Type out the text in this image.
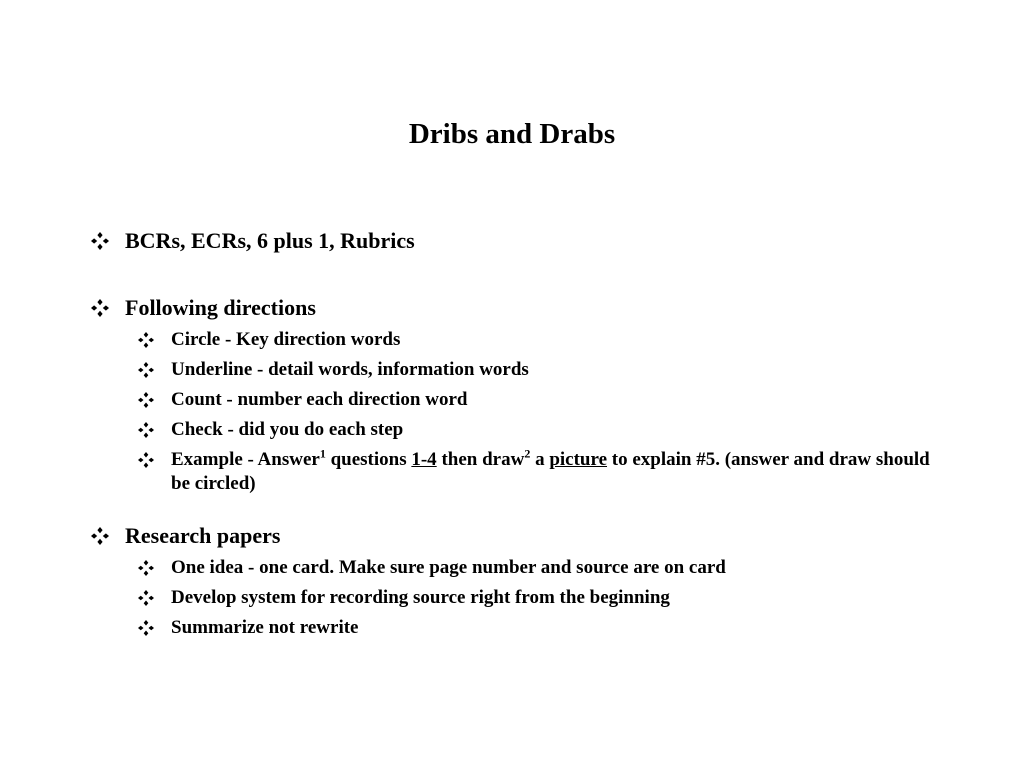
Dribs and Drabs
BCRs, ECRs, 6 plus 1, Rubrics
Following directions
Circle - Key direction words
Underline - detail words, information words
Count - number each direction word
Check - did you do each step
Example - Answer$^1$ questions 1-4 then draw$^2$ a picture to explain #5. (answer and draw should be circled)
Research papers
One idea - one card. Make sure page number and source are on card
Develop system for recording source right from the beginning
Summarize not rewrite
